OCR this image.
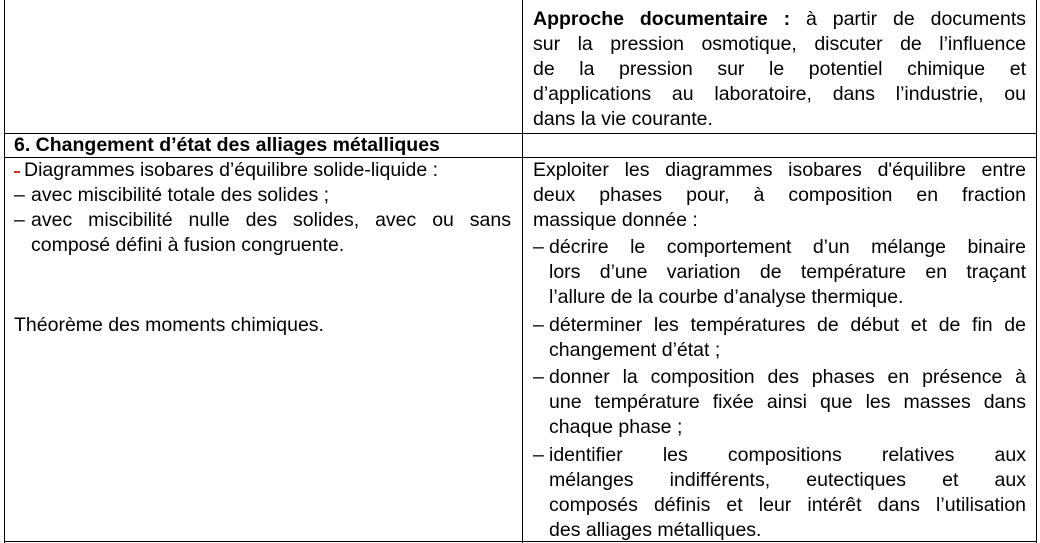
Approche documentaire : à partir de documents
sur la pression osmotique, discuter de l’influence
de la pression sur le potentiel chimique et
d’applications au laboratoire, dans l’industrie, ou
dans la vie courante.
6. Changement d’état des alliages métalliques
Diagrammes isobares d’équilibre solide-liquide :
– avec miscibilité totale des solides ;
– avec miscibilité nulle des solides, avec ou sans
composé défini à fusion congruente.
Théorème des moments chimiques.
Exploiter les diagrammes isobares d'équilibre entre
deux phases pour, à composition en fraction
massique donnée :
– décrire le comportement d’un mélange binaire
lors d’une variation de température en traçant
l’allure de la courbe d’analyse thermique.
– déterminer les températures de début et de fin de
changement d’état ;
– donner la composition des phases en présence à
une température fixée ainsi que les masses dans
chaque phase ;
– identifier les compositions relatives aux
mélanges indifférents, eutectiques et aux
composés définis et leur intérêt dans l’utilisation
des alliages métalliques.
